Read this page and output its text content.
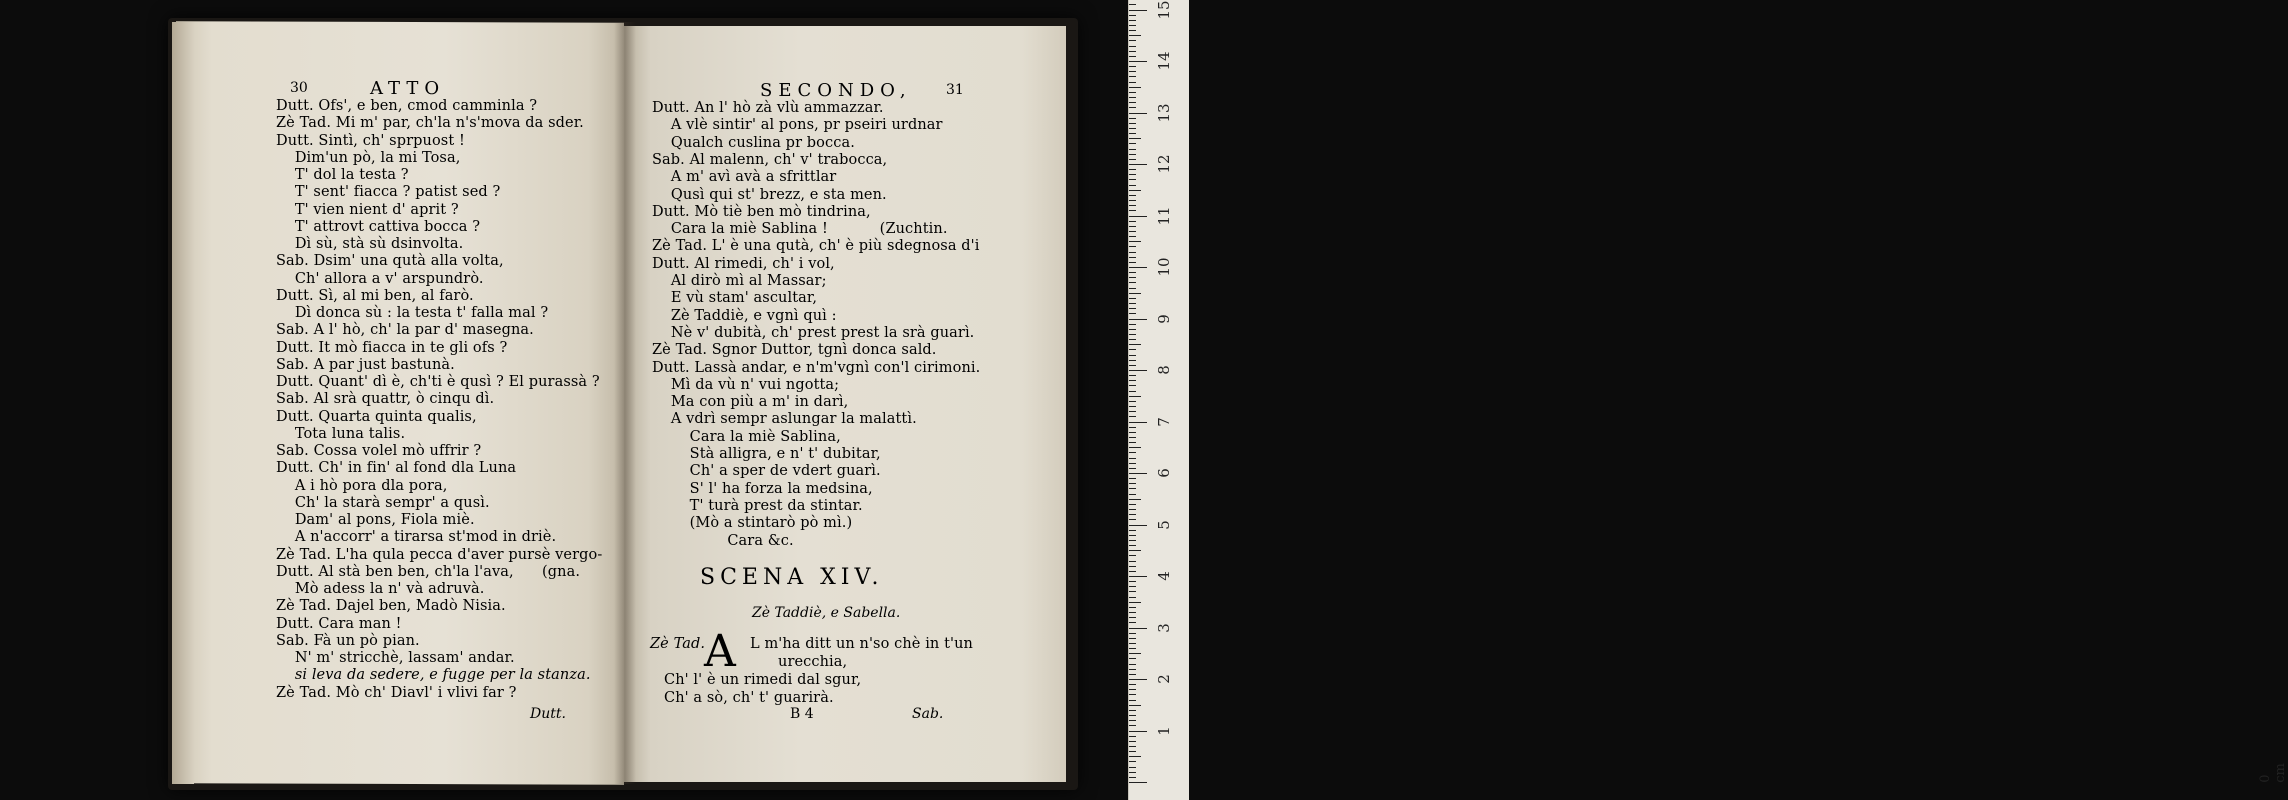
30	ATTO
Dutt.
Dutt. Ofs', e ben, cmod camminla ?
Zè Tad. Mi m' par, ch'la n's'mova da sder.
Dutt. Sintì, ch' sprpuost !
Dim'un pò, la mi Tosa,
T' dol la testa ?
T' sent' fiacca ? patist sed ?
T' vien nient d' aprit ?
T' attrovt cattiva bocca ?
Dì sù, stà sù dsinvolta.
Sab. Dsim' una qutà alla volta,
Ch' allora a v' arspundrò.
Dutt. Sì, al mi ben, al farò.
Dì donca sù : la testa t' falla mal ?
Sab. A l' hò, ch' la par d' masegna.
Dutt. It mò fiacca in te gli ofs ?
Sab. A par just bastunà.
Dutt. Quant' dì è, ch'ti è qusì ? El purassà ?
Sab. Al srà quattr, ò cinqu dì.
Dutt. Quarta quinta qualis,
Tota luna talis.
Sab. Cossa volel mò uffrir ?
Dutt. Ch' in fin' al fond dla Luna
A i hò pora dla pora,
Ch' la starà sempr' a qusì.
Dam' al pons, Fiola miè.
A n'accorr' a tirarsa st'mod in driè.
Zè Tad. L'ha qula pecca d'aver pursè vergo-
Dutt. Al stà ben ben, ch'la l'ava,      (gna.
Mò adess la n' và adruvà.
Zè Tad. Dajel ben, Madò Nisia.
Dutt. Cara man !
Sab. Fà un pò pian.
N' m' stricchè, lassam' andar.
si leva da sedere, e fugge per la stanza.
Zè Tad. Mò ch' Diavl' i vlivi far ?
SECONDO, 31
SCENA XIV.
Zè Taddiè, e Sabella.
Zè Tad.
A
B 4	Sab.
Dutt. An l' hò zà vlù ammazzar.
A vlè sintir' al pons, pr pseiri urdnar
Qualch cuslina pr bocca.
Sab. Al malenn, ch' v' trabocca,
A m' avì avà a sfrittlar
Qusì qui st' brezz, e sta men.
Dutt. Mò tiè ben mò tindrina,
Cara la miè Sablina !           (Zuchtin.
Zè Tad. L' è una qutà, ch' è più sdegnosa d'i
Dutt. Al rimedi, ch' i vol,
Al dirò mì al Massar;
E vù stam' ascultar,
Zè Taddiè, e vgnì quì :
Nè v' dubità, ch' prest prest la srà guarì.
Zè Tad. Sgnor Duttor, tgnì donca sald.
Dutt. Lassà andar, e n'm'vgnì con'l cirimoni.
Mì da vù n' vui ngotta;
Ma con più a m' in darì,
A vdrì sempr aslungar la malattì.
Cara la miè Sablina,
Stà alligra, e n' t' dubitar,
Ch' a sper de vdert guarì.
S' l' ha forza la medsina,
T' turà prest da stintar.
(Mò a stintarò pò mì.)
Cara &c.
L m'ha ditt un n'so chè in t'un
urecchia,
Ch' l' è un rimedi dal sgur,
Ch' a sò, ch' t' guarirà.
0 cm
1
2
3
4
5
6
7
8
9
10
11
12
13
14
15
